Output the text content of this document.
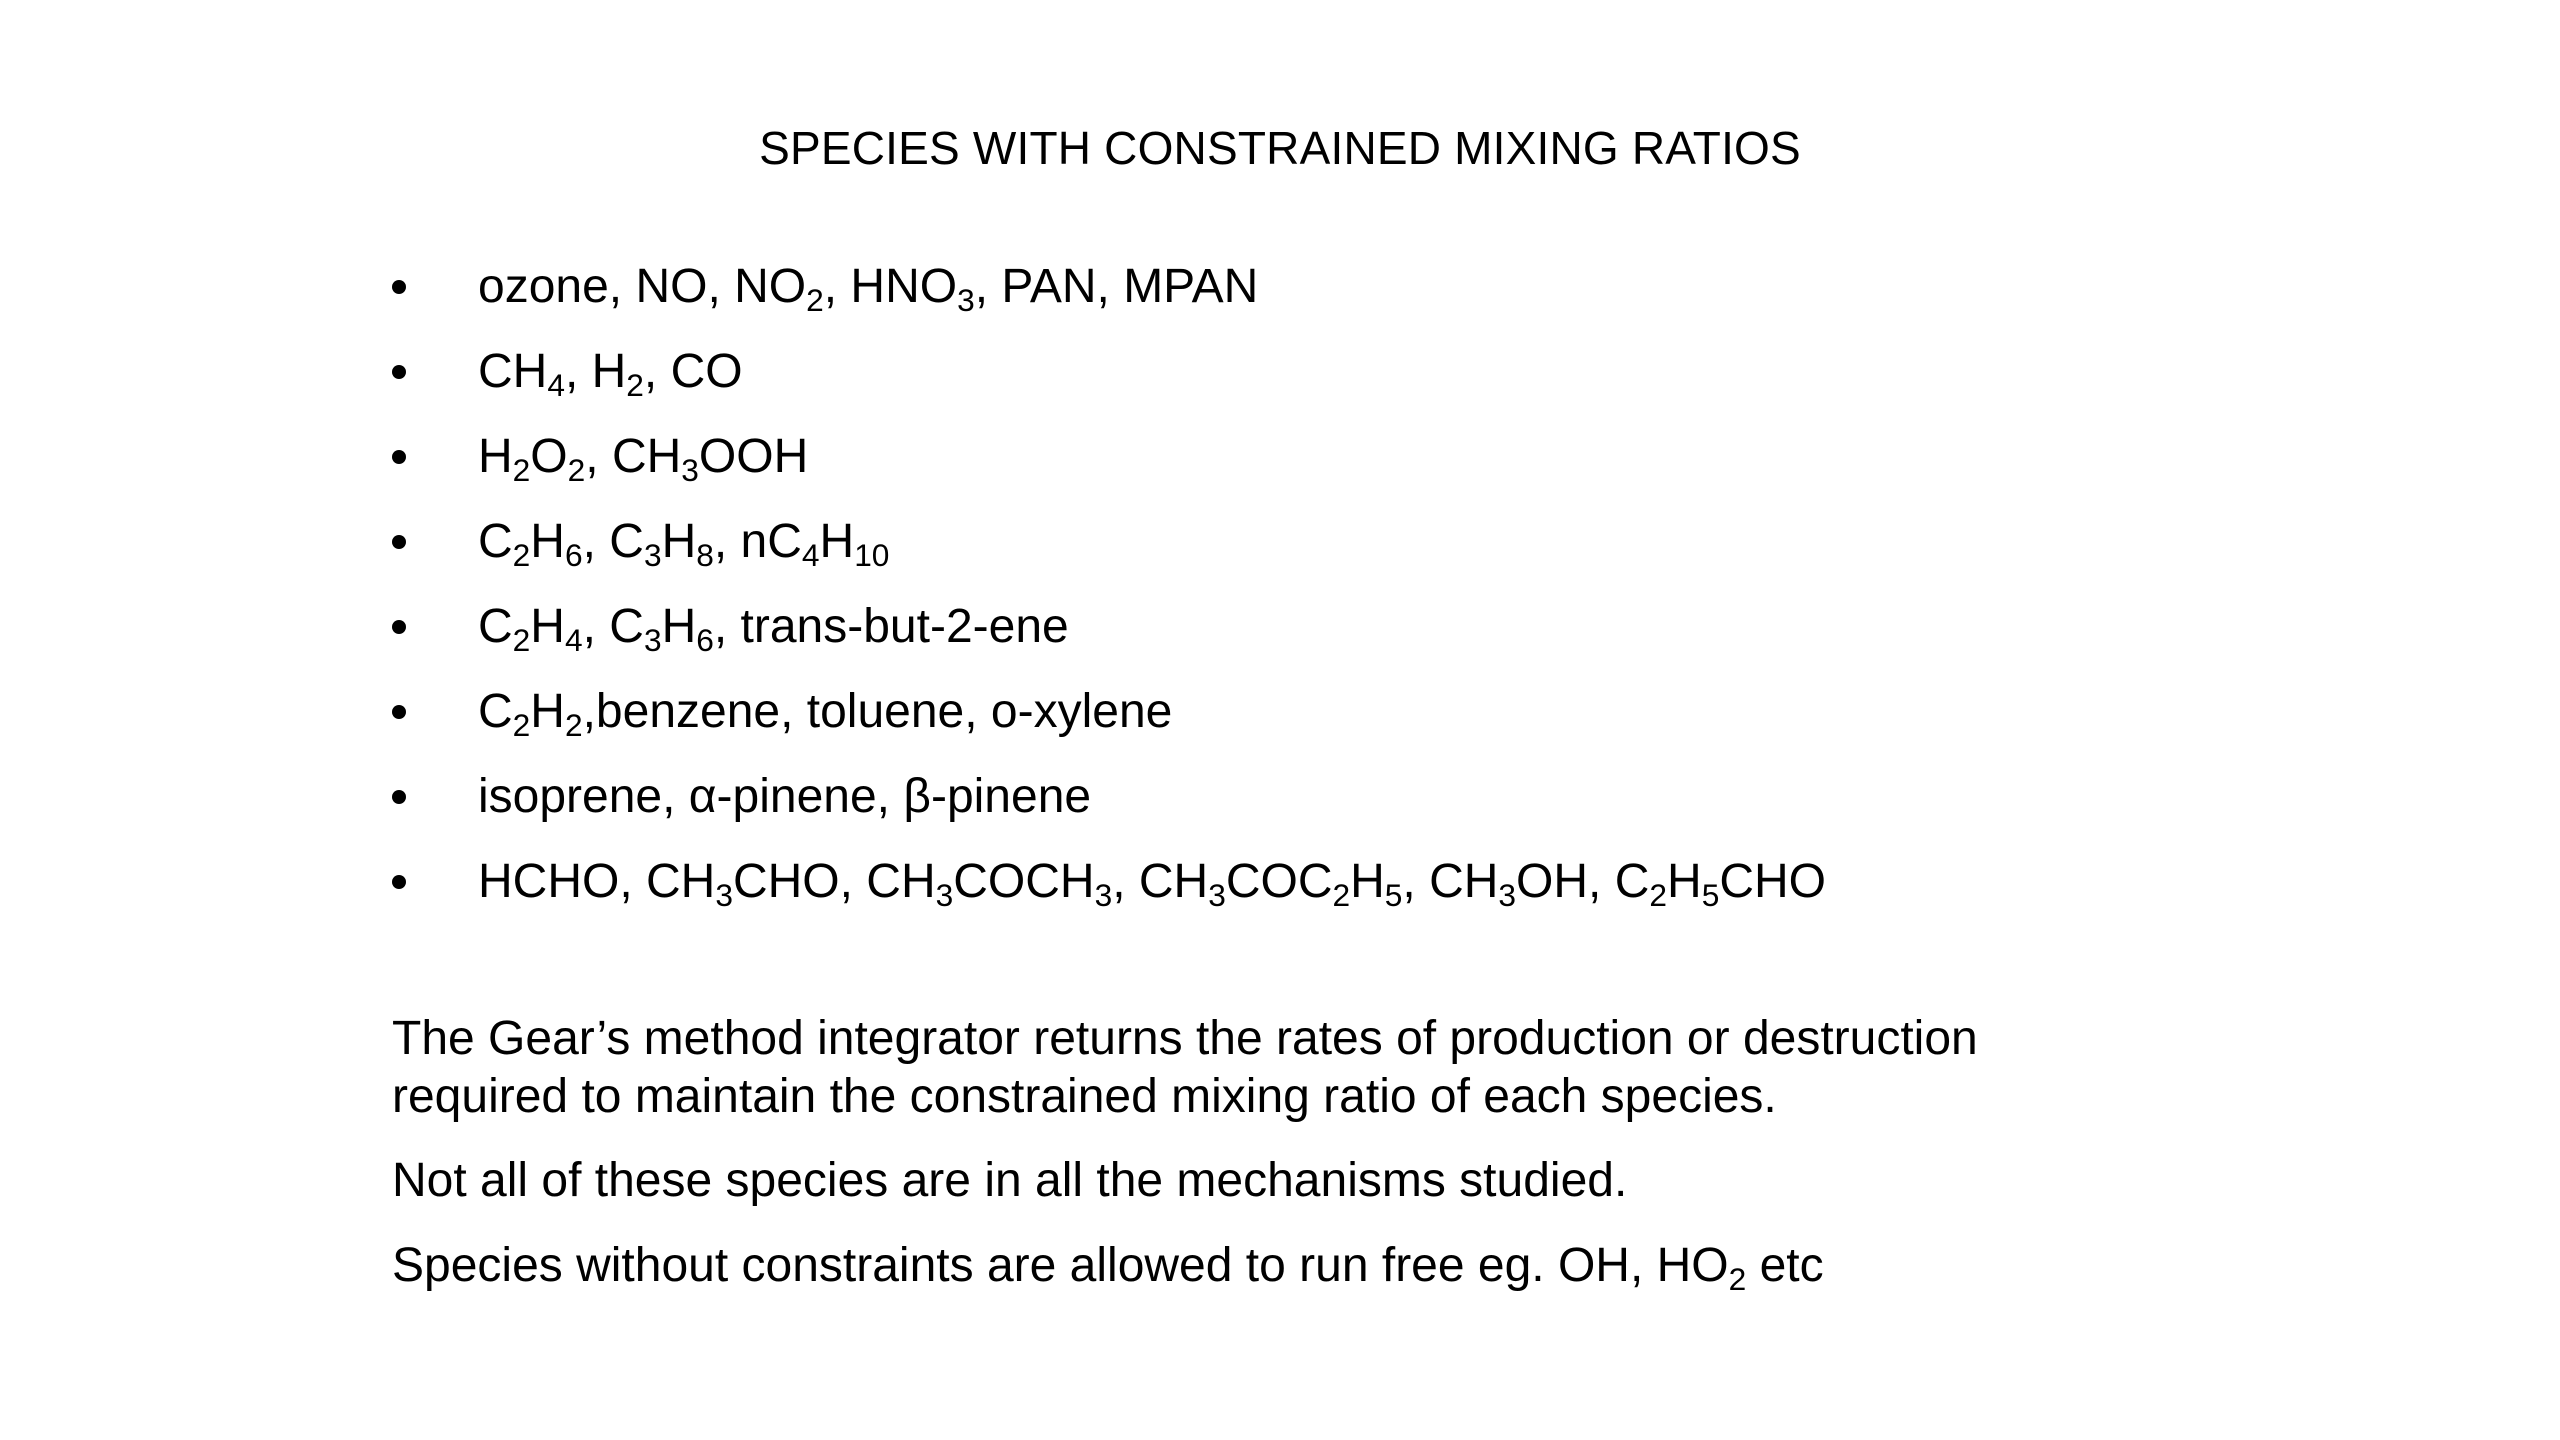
SPECIES WITH CONSTRAINED MIXING RATIOS
ozone, NO, $NO_2$, $HNO_3$, PAN, MPAN
$CH_4$, $H_2$, CO
$H_2O_2$, $CH_3OOH$
$C_2H_6$, $C_3H_8$, $nC_4H_{10}$
$C_2H_4$, $C_3H_6$, trans-but-2-ene
$C_2H_2,benzene$, toluene, o-xylene
isoprene, α-pinene, β-pinene
HCHO, $CH_3CHO$, $CH_3COCH_3$, $CH_3COC_2H_5$, $CH_3OH$, $C_2H_5CHO$
The Gear’s method integrator returns the rates of production or destruction
required to maintain the constrained mixing ratio of each species.
Not all of these species are in all the mechanisms studied.
Species without constraints are allowed to run free eg. OH, $HO_2$ etc
